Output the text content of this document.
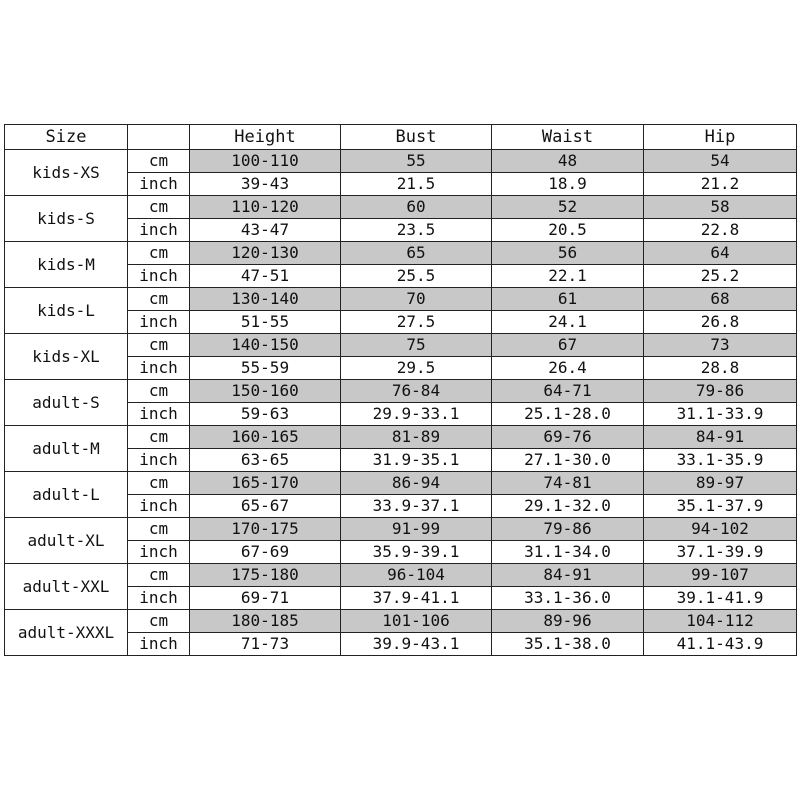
Size		Height	Bust	Waist	Hip
kids-XS	cm	100-110	55	48	54
	inch	39-43	21.5	18.9	21.2
kids-S	cm	110-120	60	52	58
	inch	43-47	23.5	20.5	22.8
kids-M	cm	120-130	65	56	64
	inch	47-51	25.5	22.1	25.2
kids-L	cm	130-140	70	61	68
	inch	51-55	27.5	24.1	26.8
kids-XL	cm	140-150	75	67	73
	inch	55-59	29.5	26.4	28.8
adult-S	cm	150-160	76-84	64-71	79-86
	inch	59-63	29.9-33.1	25.1-28.0	31.1-33.9
adult-M	cm	160-165	81-89	69-76	84-91
	inch	63-65	31.9-35.1	27.1-30.0	33.1-35.9
adult-L	cm	165-170	86-94	74-81	89-97
	inch	65-67	33.9-37.1	29.1-32.0	35.1-37.9
adult-XL	cm	170-175	91-99	79-86	94-102
	inch	67-69	35.9-39.1	31.1-34.0	37.1-39.9
adult-XXL	cm	175-180	96-104	84-91	99-107
	inch	69-71	37.9-41.1	33.1-36.0	39.1-41.9
adult-XXXL	cm	180-185	101-106	89-96	104-112
	inch	71-73	39.9-43.1	35.1-38.0	41.1-43.9
